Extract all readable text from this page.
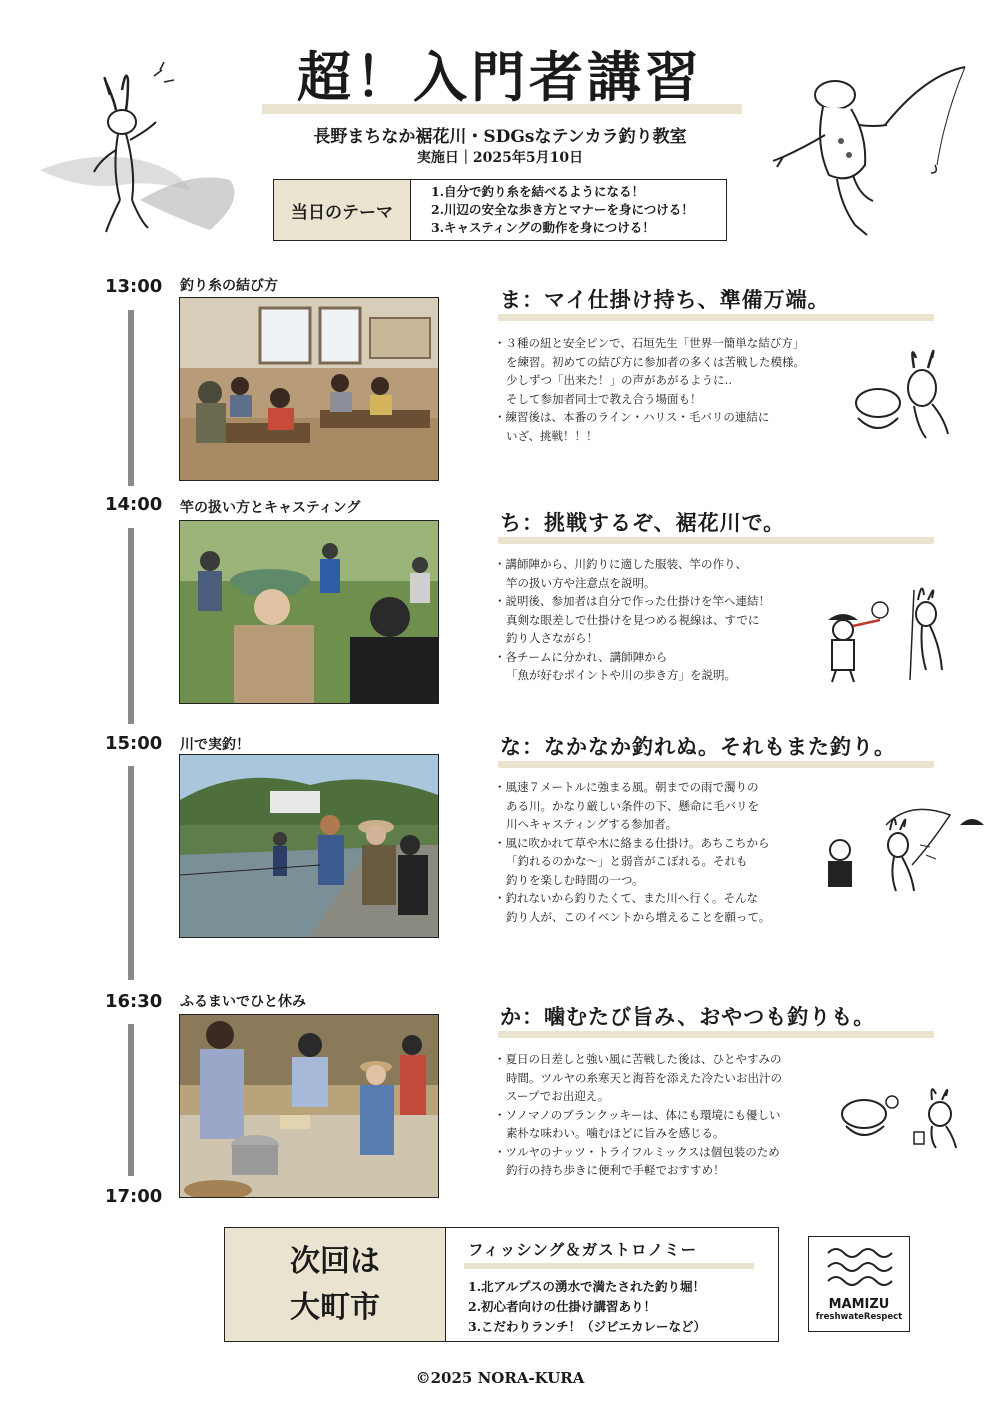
超！入門者講習
長野まちなか裾花川・SDGsなテンカラ釣り教室
実施日｜2025年5月10日
当日のテーマ
1.自分で釣り糸を結べるようになる！
2.川辺の安全な歩き方とマナーを身につける！
3.キャスティングの動作を身につける！
13:00
14:00
15:00
16:30
17:00
釣り糸の結び方
ま：マイ仕掛け持ち、準備万端。

・３種の紐と安全ピンで、石垣先生「世界一簡単な結び方」

を練習。初めての結び方に参加者の多くは苦戦した模様。

少しずつ「出来た！」の声があがるように‥

そして参加者同士で教え合う場面も！

・練習後は、本番のライン・ハリス・毛バリの連結に

いざ、挑戦！！！

竿の扱い方とキャスティング
ち：挑戦するぞ、裾花川で。

・講師陣から、川釣りに適した服装、竿の作り、

竿の扱い方や注意点を説明。

・説明後、参加者は自分で作った仕掛けを竿へ連結！

真剣な眼差しで仕掛けを見つめる視線は、すでに

釣り人さながら！

・各チームに分かれ、講師陣から

「魚が好むポイントや川の歩き方」を説明。

川で実釣！	な：なかなか釣れぬ。それもまた釣り。

・風速７メートルに強まる風。朝までの雨で濁りの

ある川。かなり厳しい条件の下、懸命に毛バリを

川へキャスティングする参加者。

・風に吹かれて草や木に絡まる仕掛け。あちこちから

「釣れるのかな〜」と弱音がこぼれる。それも

釣りを楽しむ時間の一つ。

・釣れないから釣りたくて、また川へ行く。そんな

釣り人が、このイベントから増えることを願って。

ふるまいでひと休み
か：噛むたび旨み、おやつも釣りも。

・夏日の日差しと強い風に苦戦した後は、ひとやすみの

時間。ツルヤの糸寒天と海苔を添えた冷たいお出汁の

スープでお出迎え。

・ソノマノのブランクッキーは、体にも環境にも優しい

素朴な味わい。噛むほどに旨みを感じる。

・ツルヤのナッツ・トライフルミックスは個包装のため

釣行の持ち歩きに便利で手軽でおすすめ！

次回は
大町市
フィッシング＆ガストロノミー
1.北アルプスの湧水で満たされた釣り堀！
2.初心者向けの仕掛け講習あり！
3.こだわりランチ！（ジビエカレーなど）
MAMIZU
freshwateRespect
©2025 NORA-KURA
